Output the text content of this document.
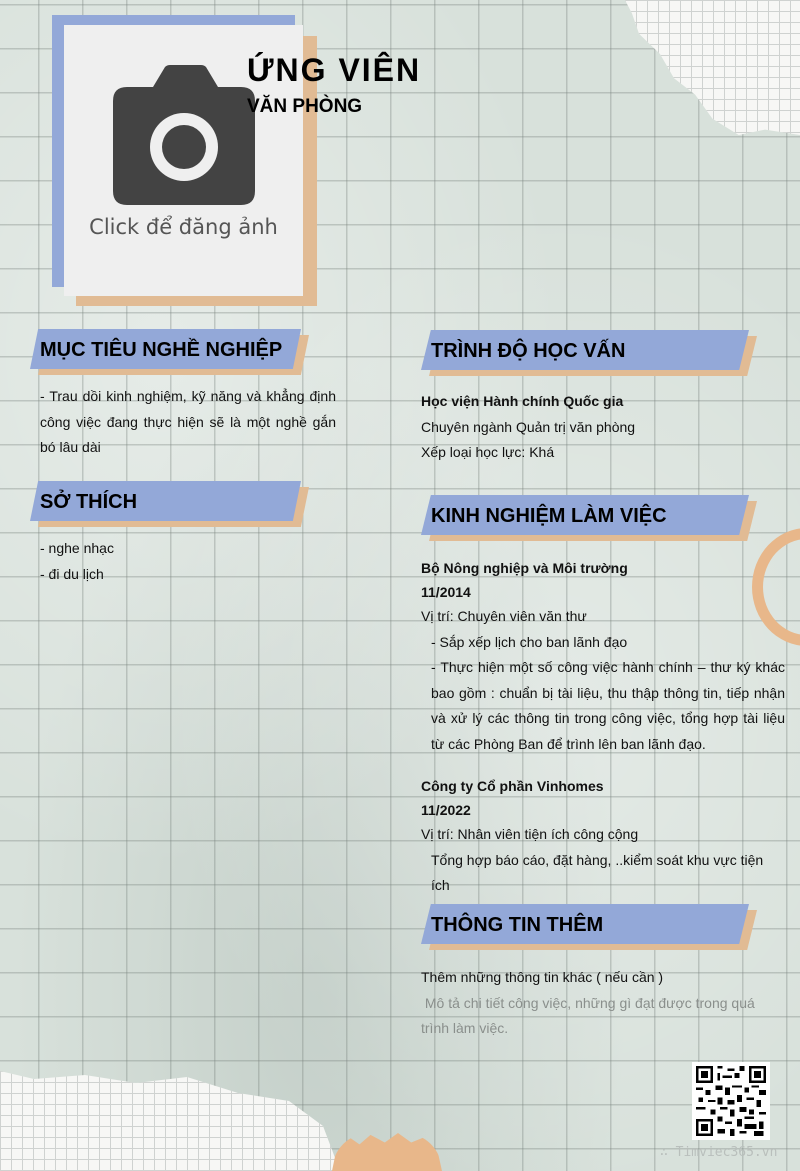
Click để đăng ảnh
ỨNG VIÊN
VĂN PHÒNG
MỤC TIÊU NGHỀ NGHIỆP
- Trau dồi kinh nghiệm, kỹ năng và khẳng định công việc đang thực hiện sẽ là một nghề gắn bó lâu dài
SỞ THÍCH
- nghe nhạc
- đi du lịch
TRÌNH ĐỘ HỌC VẤN
Học viện Hành chính Quốc gia
Chuyên ngành Quản trị văn phòng
Xếp loại học lực: Khá
KINH NGHIỆM LÀM VIỆC
Bộ Nông nghiệp và Môi trường
11/2014
Vị trí: Chuyên viên văn thư
- Sắp xếp lịch cho ban lãnh đạo
- Thực hiện một số công việc hành chính – thư ký khác bao gồm : chuẩn bị tài liệu, thu thập thông tin, tiếp nhận và xử lý các thông tin trong công việc, tổng hợp tài liệu từ các Phòng Ban để trình lên ban lãnh đạo.
Công ty Cổ phần Vinhomes
11/2022
Vị trí: Nhân viên tiện ích công cộng
Tổng hợp báo cáo, đặt hàng, ..kiểm soát khu vực tiện ích
THÔNG TIN THÊM
Thêm những thông tin khác ( nếu cần )
Mô tả chi tiết công việc, những gì đạt được trong quá trình làm việc.
∴ Timviec365.vn
